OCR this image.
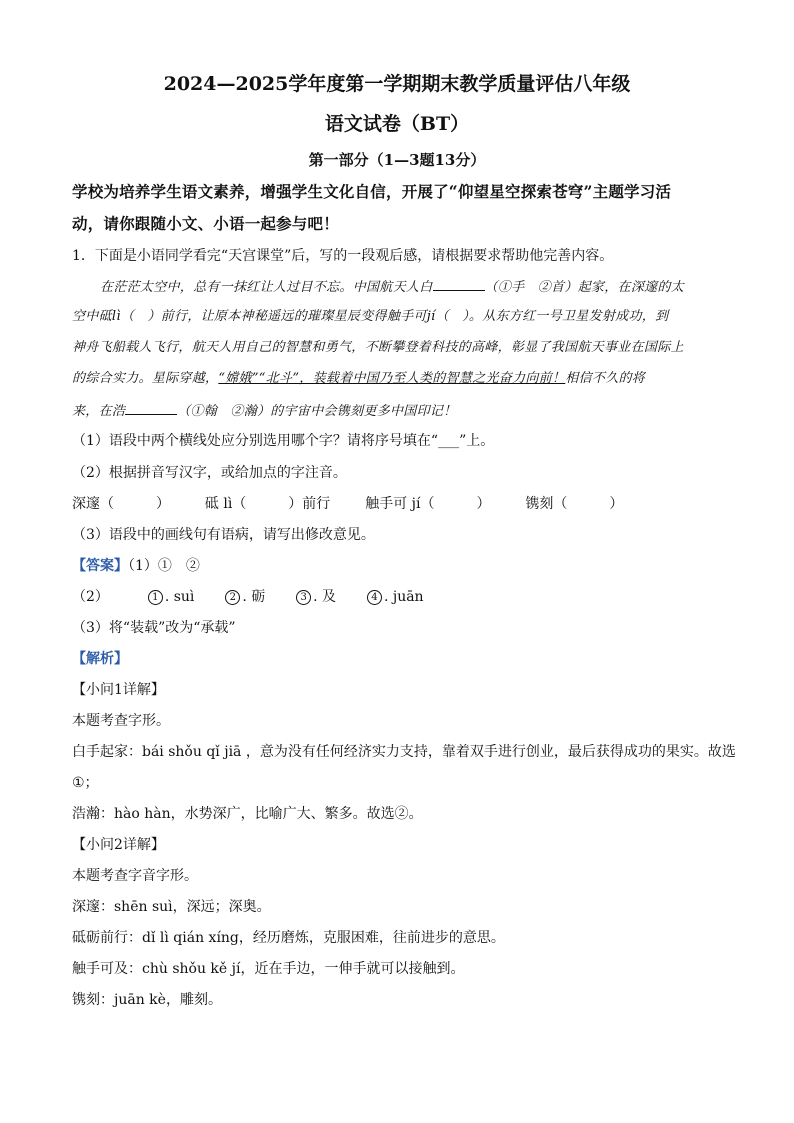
2024—2025学年度第一学期期末教学质量评估八年级
语文试卷（BT）
第一部分（1—3题13分）
学校为培养学生语文素养，增强学生文化自信，开展了“仰望星空探索苍穹”主题学习活
动，请你跟随小文、小语一起参与吧！
1．下面是小语同学看完“天宫课堂”后，写的一段观后感，请根据要求帮助他完善内容。
在茫茫太空中，总有一抹红让人过目不忘。中国航天人白	（①手　②首）起家，在深邃的太
空中砥lì（　）前行，让原本神秘遥远的璀璨星辰变得触手可jí（　）。从东方红一号卫星发射成功，到
神舟飞船载人飞行，航天人用自己的智慧和勇气，不断攀登着科技的高峰，彰显了我国航天事业在国际上
的综合实力。星际穿越，“嫦娥”“北斗”，装载着中国乃至人类的智慧之光奋力向前！相信不久的将
来，在浩	（①翰　②瀚）的宇宙中会镌刻更多中国印记！
（1）语段中两个横线处应分别选用哪个字？请将序号填在“___”上。
（2）根据拼音写汉字，或给加点的字注音。
深邃（　　　） 砥 lì（　　　）前行 触手可 jí（　　　） 镌刻（　　　）
（3）语段中的画线句有语病，请写出修改意见。
【答案】（1）①　②
（2）	1 . suì	2 . 砺	3 . 及	4 . juān
（3）将“装载”改为“承载”
【解析】
【小问1详解】
本题考查字形。
白手起家：bái shǒu qǐ jiā ，意为没有任何经济实力支持，靠着双手进行创业，最后获得成功的果实。故选
①；
浩瀚：hào hàn，水势深广，比喻广大、繁多。故选②。
【小问2详解】
本题考查字音字形。
深邃：shēn suì，深远；深奥。
砥砺前行：dǐ lì qián xíng，经历磨炼，克服困难，往前进步的意思。
触手可及：chù shǒu kě jí，近在手边，一伸手就可以接触到。
镌刻：juān kè，雕刻。
